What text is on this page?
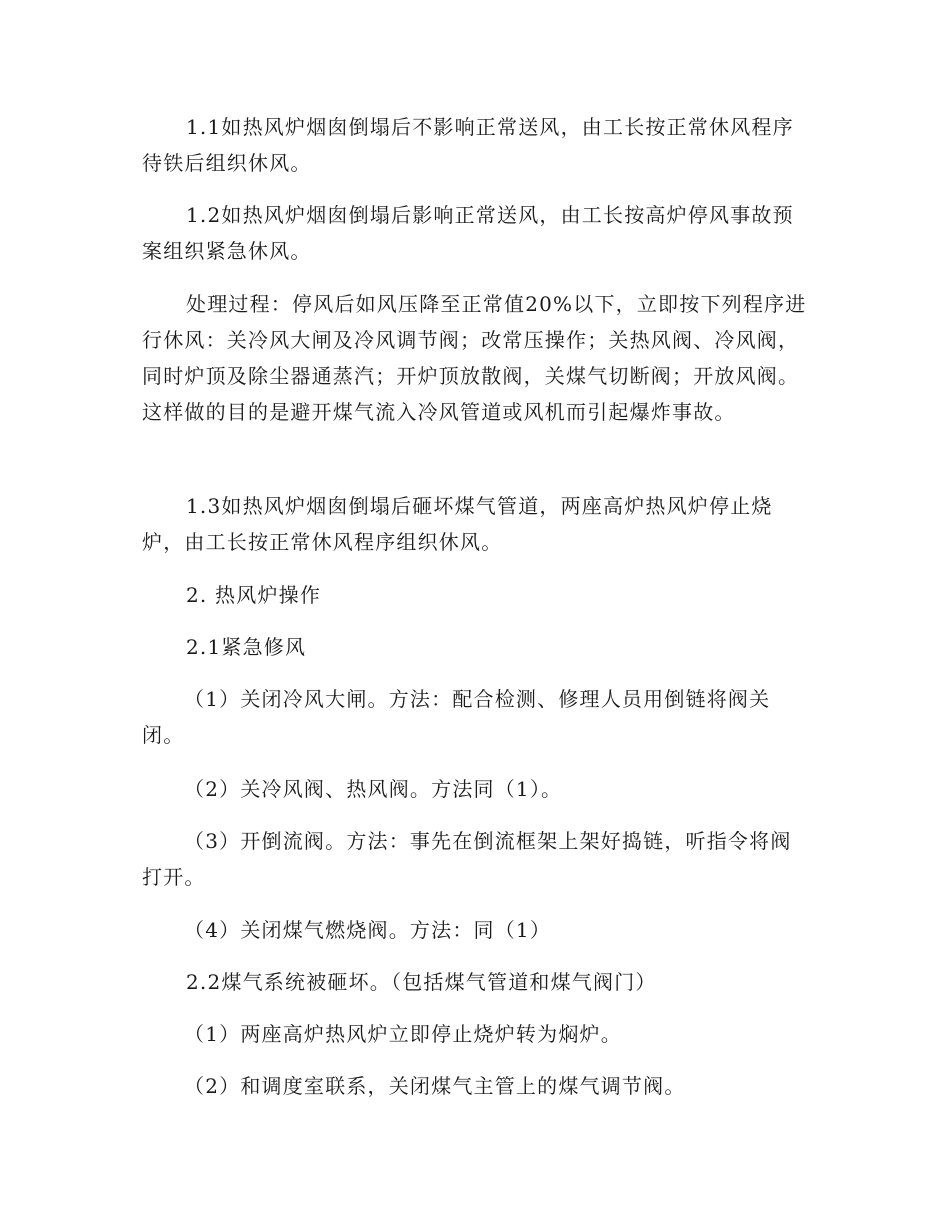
1.1如热风炉烟囱倒塌后不影响正常送风，由工长按正常休风程序待铁后组织休风。

1.2如热风炉烟囱倒塌后影响正常送风，由工长按高炉停风事故预案组织紧急休风。

处理过程：停风后如风压降至正常值20%以下，立即按下列程序进行休风：关冷风大闸及冷风调节阀；改常压操作；关热风阀、冷风阀，同时炉顶及除尘器通蒸汽；开炉顶放散阀，关煤气切断阀；开放风阀。这样做的目的是避开煤气流入冷风管道或风机而引起爆炸事故。

1.3如热风炉烟囱倒塌后砸坏煤气管道，两座高炉热风炉停止烧炉，由工长按正常休风程序组织休风。

2. 热风炉操作

2.1紧急修风

（1）关闭冷风大闸。方法：配合检测、修理人员用倒链将阀关闭。

（2）关冷风阀、热风阀。方法同（1）。

（3）开倒流阀。方法：事先在倒流框架上架好捣链，听指令将阀打开。

（4）关闭煤气燃烧阀。方法：同（1）

2.2煤气系统被砸坏。（包括煤气管道和煤气阀门）

（1）两座高炉热风炉立即停止烧炉转为焖炉。

（2）和调度室联系，关闭煤气主管上的煤气调节阀。
